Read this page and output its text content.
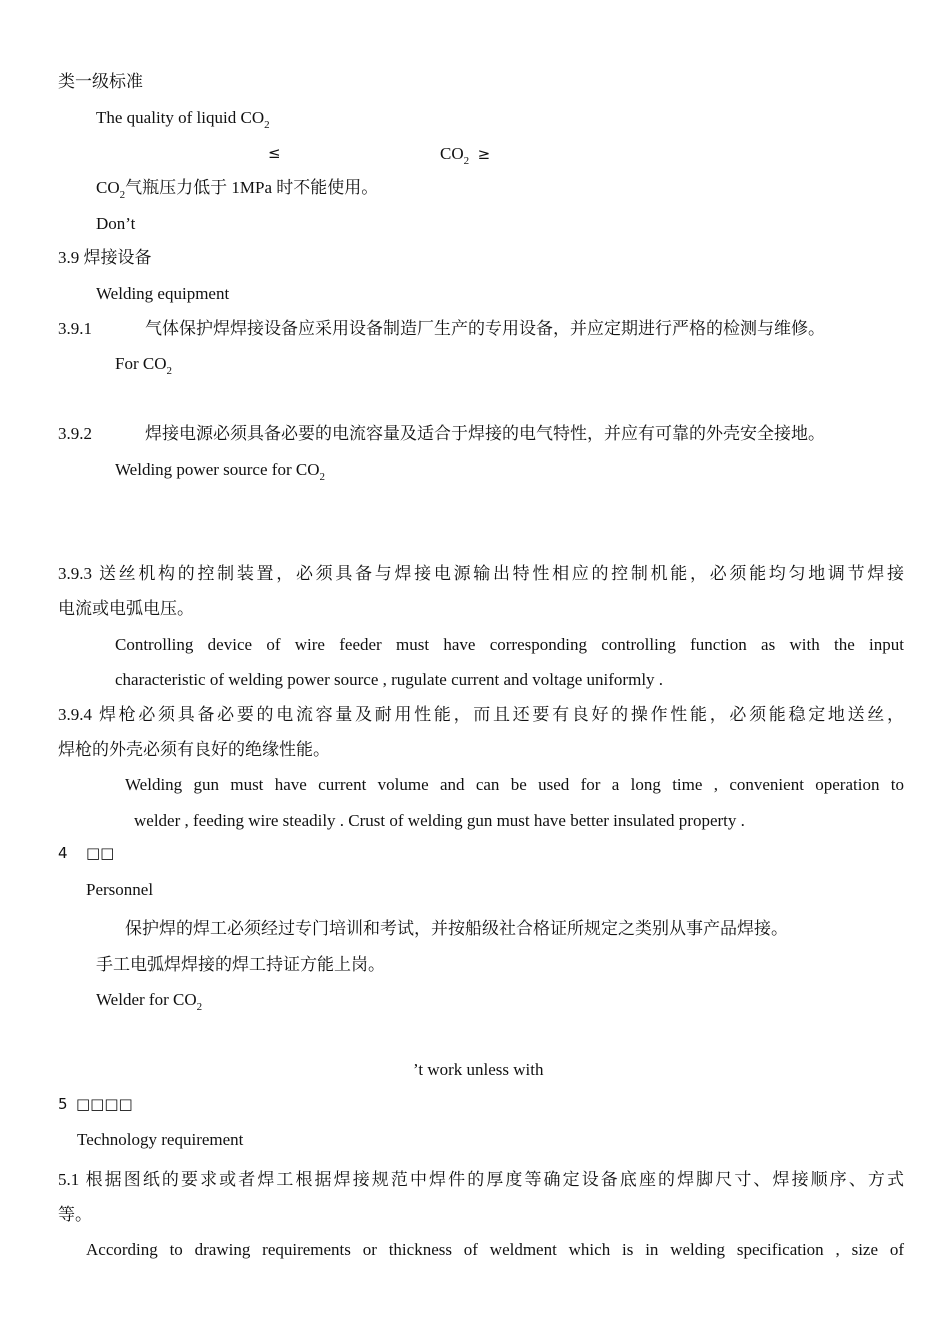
类一级标准
The quality of liquid $CO_2$
≤	$CO_2$ ≥
$CO_2$气瓶压力低于 1MPa 时不能使用。
Don’t
3.9 焊接设备
Welding equipment
3.9.1	气体保护焊焊接设备应采用设备制造厂生产的专用设备，并应定期进行严格的检测与维修。
For $CO_2$
3.9.2	焊接电源必须具备必要的电流容量及适合于焊接的电气特性，并应有可靠的外壳安全接地。
Welding power source for $CO_2$
3.9.3 送丝机构的控制装置，必须具备与焊接电源输出特性相应的控制机能，必须能均匀地调节焊接
电流或电弧电压。
Controlling device of wire feeder must have corresponding controlling function as with the input
characteristic of welding power source , rugulate current and voltage uniformly .
3.9.4 焊枪必须具备必要的电流容量及耐用性能，而且还要有良好的操作性能，必须能稳定地送丝，
焊枪的外壳必须有良好的绝缘性能。
Welding gun must have current volume and can be used for a long time , convenient operation to
welder , feeding wire steadily . Crust of welding gun must have better insulated property .
4 □□
Personnel
保护焊的焊工必须经过专门培训和考试，并按船级社合格证所规定之类别从事产品焊接。
手工电弧焊焊接的焊工持证方能上岗。
Welder for $CO_2$
’t work unless with
5 □□□□
Technology requirement
5.1 根据图纸的要求或者焊工根据焊接规范中焊件的厚度等确定设备底座的焊脚尺寸、焊接顺序、方式
等。
According to drawing requirements or thickness of weldment which is in welding specification , size of
